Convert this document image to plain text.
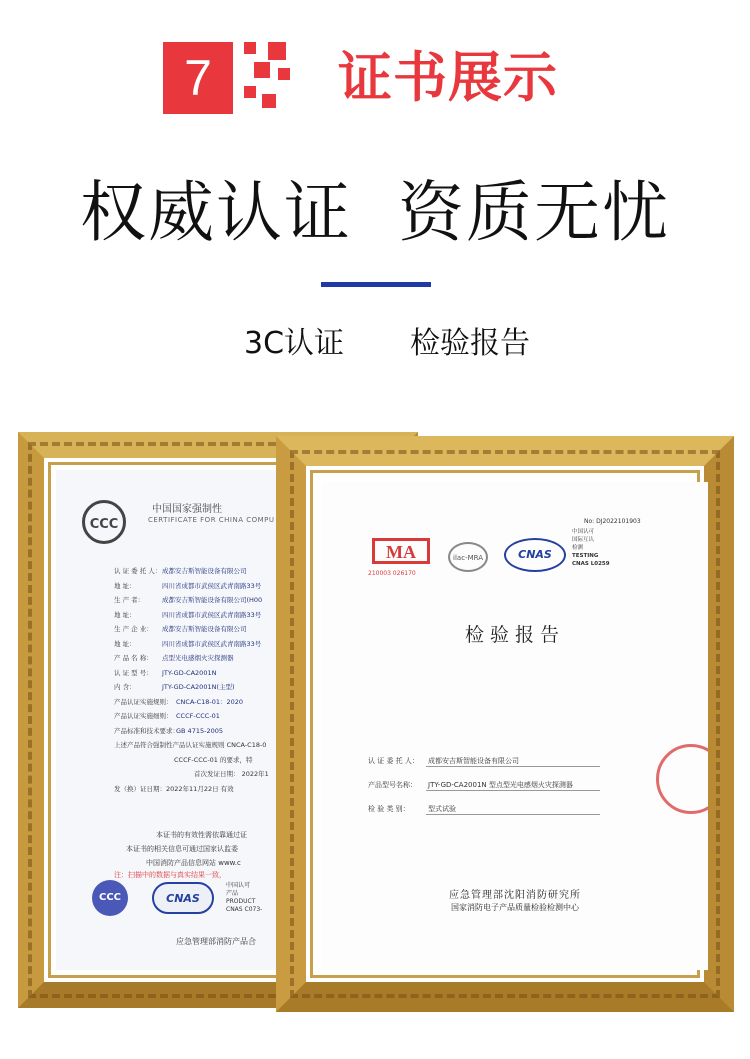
7	证书展示
权威认证  资质无忧
3C认证 检验报告
CCC
中国国家强制性
CERTIFICATE FOR CHINA COMPU
认 证 委 托 人：成都安吉斯智能设备有限公司
地 址：	四川省成都市武侯区武青南路33号
生 产 者：	成都安吉斯智能设备有限公司(H00
地 址：	四川省成都市武侯区武青南路33号
生 产 企 业： 成都安吉斯智能设备有限公司
地 址：	四川省成都市武侯区武青南路33号
产 品 名 称： 点型光电感烟火灾探测器
认 证 型 号： JTY-GD-CA2001N
内 含：	JTY-GD-CA2001N(主型)
产品认证实施规则： CNCA-C18-01：2020
产品认证实施细则： CCCF-CCC-01
产品标准和技术要求：GB 4715-2005
上述产品符合强制性产品认证实施规则 CNCA-C18-0
CCCF-CCC-01 的要求，特
首次发证日期： 2022年1
发（换）证日期：2022年11月22日 有效
本证书的有效性需依靠通过证
本证书的相关信息可通过国家认监委
中国消防产品信息网站 www.c
注：扫描中的数据与真实结果一致，
CCC	CNAS
中国认可
产品
PRODUCT
CNAS C073-
应急管理部消防产品合
No: DJ2022101903
MA
210003 026170
ilac-MRA	CNAS
中国认可
国际互认
检测
TESTING
CNAS L0259
检验报告
认 证 委 托 人： 成都安吉斯智能设备有限公司
产品型号名称： JTY-GD-CA2001N 型点型光电感烟火灾探测器
检 验 类 别：	型式试验
应急管理部沈阳消防研究所
国家消防电子产品质量检验检测中心
